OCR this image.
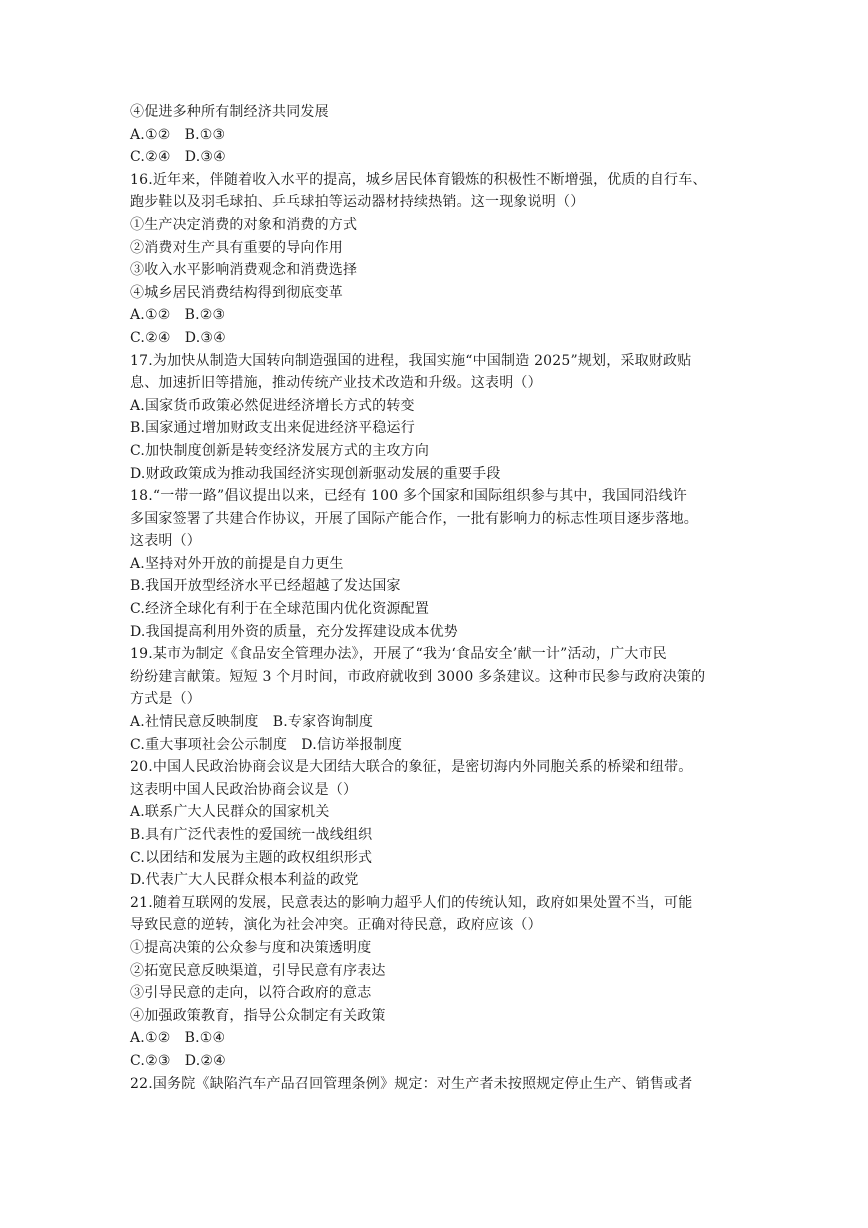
④促进多种所有制经济共同发展
A.①②　B.①③
C.②④　D.③④
16.近年来，伴随着收入水平的提高，城乡居民体育锻炼的积极性不断增强，优质的自行车、
跑步鞋以及羽毛球拍、乒乓球拍等运动器材持续热销。这一现象说明（）
①生产决定消费的对象和消费的方式
②消费对生产具有重要的导向作用
③收入水平影响消费观念和消费选择
④城乡居民消费结构得到彻底变革
A.①②　B.②③
C.②④　D.③④
17.为加快从制造大国转向制造强国的进程，我国实施“中国制造 2025”规划，采取财政贴
息、加速折旧等措施，推动传统产业技术改造和升级。这表明（）
A.国家货币政策必然促进经济增长方式的转变
B.国家通过增加财政支出来促进经济平稳运行
C.加快制度创新是转变经济发展方式的主攻方向
D.财政政策成为推动我国经济实现创新驱动发展的重要手段
18.“一带一路”倡议提出以来，已经有 100 多个国家和国际组织参与其中，我国同沿线许
多国家签署了共建合作协议，开展了国际产能合作，一批有影响力的标志性项目逐步落地。
这表明（）
A.坚持对外开放的前提是自力更生
B.我国开放型经济水平已经超越了发达国家
C.经济全球化有利于在全球范围内优化资源配置
D.我国提高利用外资的质量，充分发挥建设成本优势
19.某市为制定《食品安全管理办法》，开展了“我为‘食品安全’献一计”活动，广大市民
纷纷建言献策。短短 3 个月时间，市政府就收到 3000 多条建议。这种市民参与政府决策的
方式是（）
A.社情民意反映制度　B.专家咨询制度
C.重大事项社会公示制度　D.信访举报制度
20.中国人民政治协商会议是大团结大联合的象征，是密切海内外同胞关系的桥梁和纽带。
这表明中国人民政治协商会议是（）
A.联系广大人民群众的国家机关
B.具有广泛代表性的爱国统一战线组织
C.以团结和发展为主题的政权组织形式
D.代表广大人民群众根本利益的政党
21.随着互联网的发展，民意表达的影响力超乎人们的传统认知，政府如果处置不当，可能
导致民意的逆转，演化为社会冲突。正确对待民意，政府应该（）
①提高决策的公众参与度和决策透明度
②拓宽民意反映渠道，引导民意有序表达
③引导民意的走向，以符合政府的意志
④加强政策教育，指导公众制定有关政策
A.①②　B.①④
C.②③　D.②④
22.国务院《缺陷汽车产品召回管理条例》规定：对生产者未按照规定停止生产、销售或者
